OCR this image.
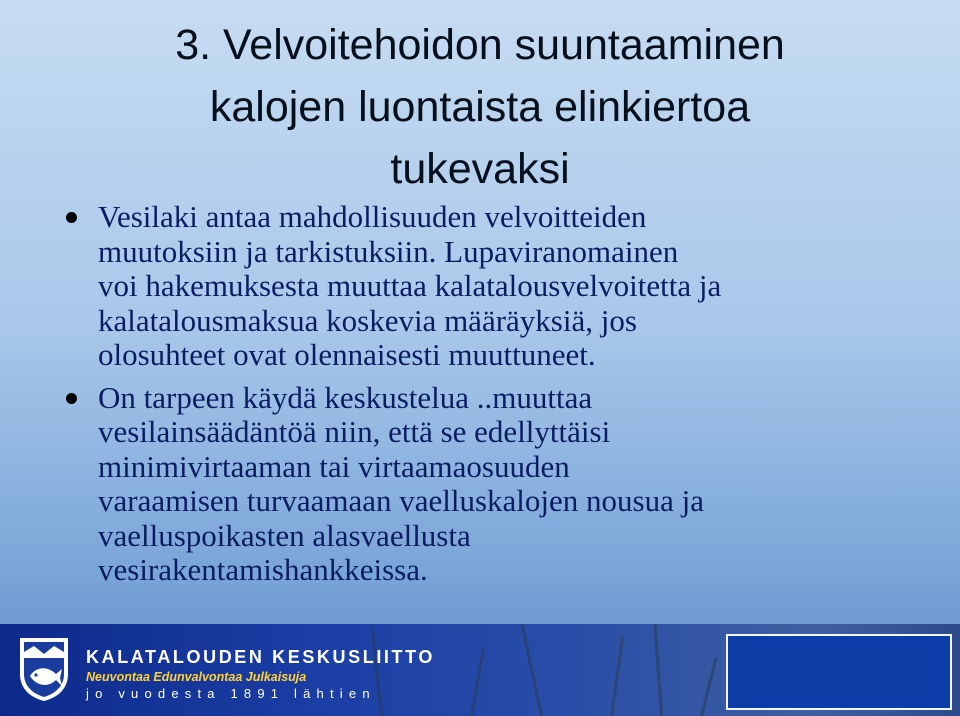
3. Velvoitehoidon suuntaaminen
kalojen luontaista elinkiertoa
tukevaksi
Vesilaki antaa mahdollisuuden velvoitteiden
muutoksiin ja tarkistuksiin. Lupaviranomainen
voi hakemuksesta muuttaa kalatalousvelvoitetta ja
kalatalousmaksua koskevia määräyksiä, jos
olosuhteet ovat olennaisesti muuttuneet.
On tarpeen käydä keskustelua ..muuttaa
vesilainsäädäntöä niin, että se edellyttäisi
minimivirtaaman tai virtaamaosuuden
varaamisen turvaamaan vaelluskalojen nousua ja
vaelluspoikasten alasvaellusta
vesirakentamishankkeissa.
KALATALOUDEN KESKUSLIITTO
Neuvontaa Edunvalvontaa Julkaisuja
jo vuodesta 1891 lähtien
